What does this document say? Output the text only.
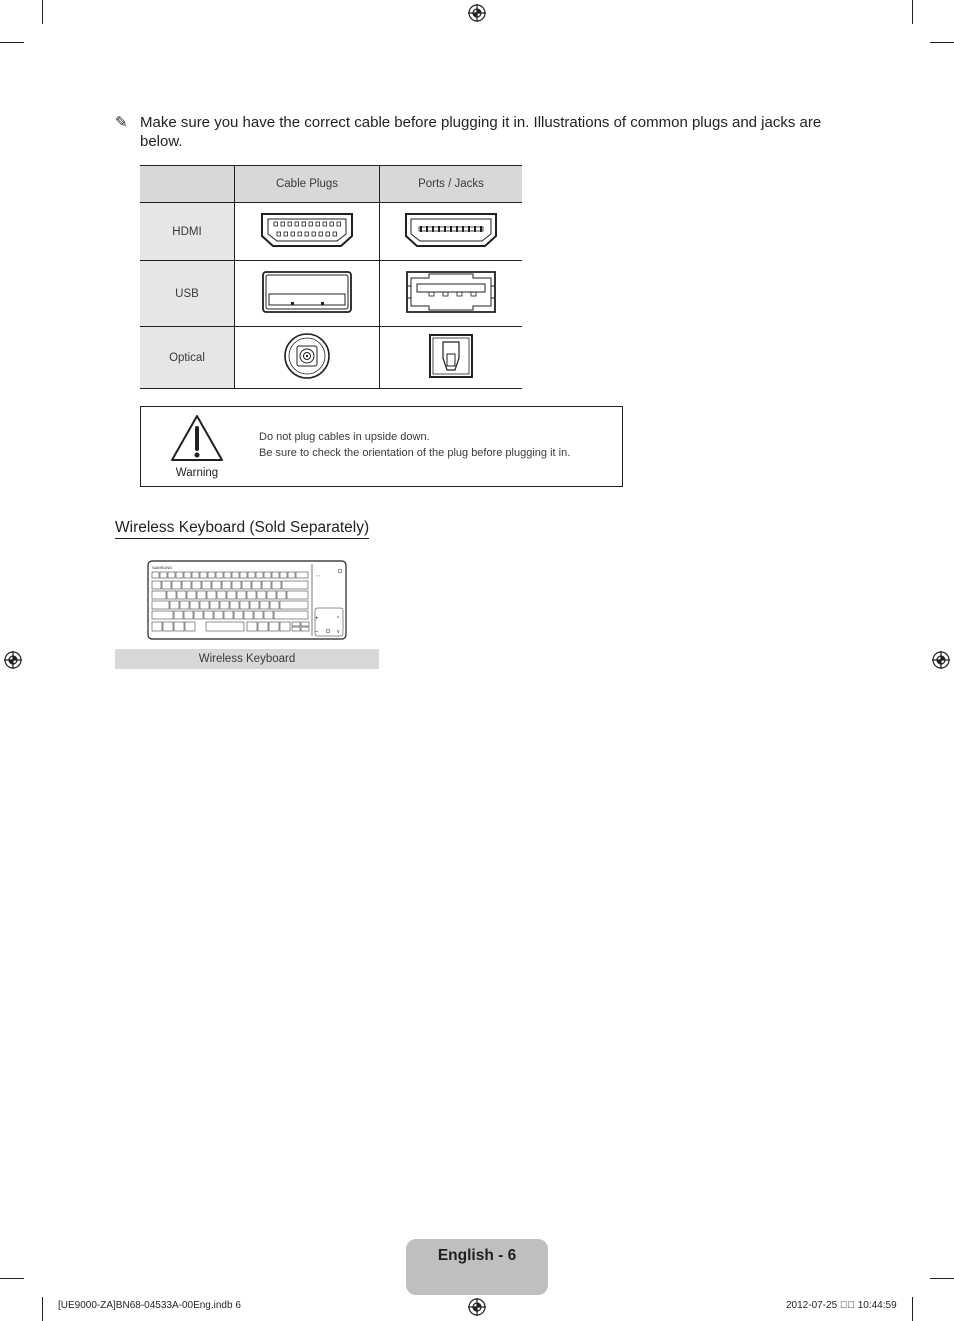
✎ Make sure you have the correct cable before plugging it in. Illustrations of common plugs and jacks are below.
	Cable Plugs	Ports / Jacks
HDMI		
USB		
Optical		
Warning
Do not plug cables in upside down.
Be sure to check the orientation of the plug before plugging it in.
Wireless Keyboard (Sold Separately)
SAMSUNG
‹ ›
+
–
^
v
Wireless Keyboard
English - 6
[UE9000-ZA]BN68-04533A-00Eng.indb 6	2012-07-25 ￿￿ 10:44:59
